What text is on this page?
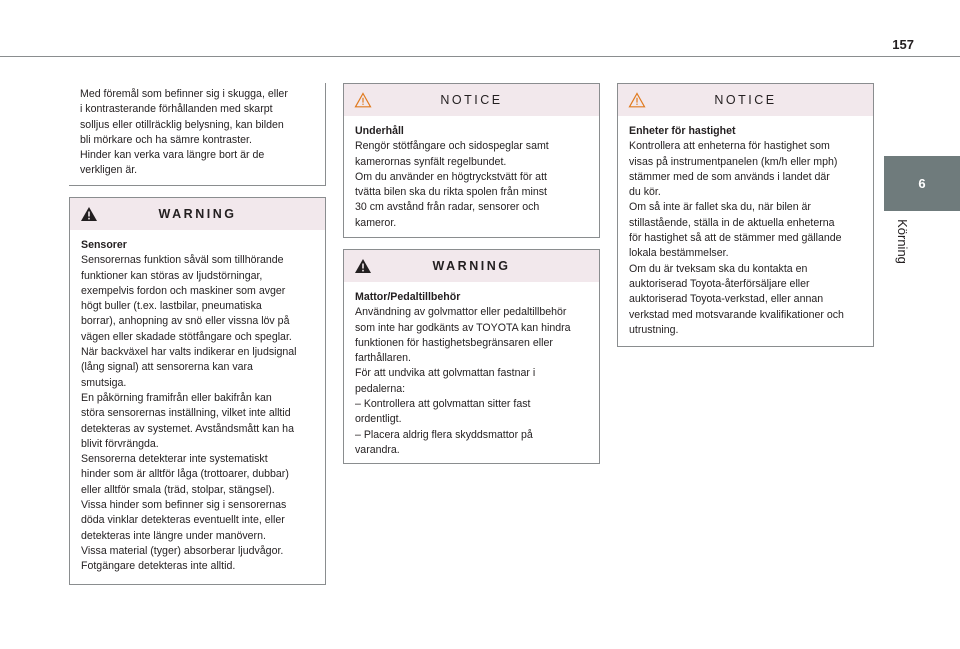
157
6
Körning

Med föremål som befinner sig i skugga, eller

i kontrasterande förhållanden med skarpt

solljus eller otillräcklig belysning, kan bilden

bli mörkare och ha sämre kontraster.

Hinder kan verka vara längre bort är de

verkligen är.

WARNING

Sensorer

Sensorernas funktion såväl som tillhörande

funktioner kan störas av ljudstörningar,

exempelvis fordon och maskiner som avger

högt buller (t.ex. lastbilar, pneumatiska

borrar), anhopning av snö eller vissna löv på

vägen eller skadade stötfångare och speglar.

När backväxel har valts indikerar en ljudsignal

(lång signal) att sensorerna kan vara

smutsiga.

En påkörning framifrån eller bakifrån kan

störa sensorernas inställning, vilket inte alltid

detekteras av systemet. Avståndsmått kan ha

blivit förvrängda.

Sensorerna detekterar inte systematiskt

hinder som är alltför låga (trottoarer, dubbar)

eller alltför smala (träd, stolpar, stängsel).

Vissa hinder som befinner sig i sensorernas

döda vinklar detekteras eventuellt inte, eller

detekteras inte längre under manövern.

Vissa material (tyger) absorberar ljudvågor.

Fotgängare detekteras inte alltid.

NOTICE

Underhåll

Rengör stötfångare och sidospeglar samt

kamerornas synfält regelbundet.

Om du använder en högtryckstvätt för att

tvätta bilen ska du rikta spolen från minst

30 cm avstånd från radar, sensorer och

kameror.

WARNING

Mattor/Pedaltillbehör

Användning av golvmattor eller pedaltillbehör

som inte har godkänts av TOYOTA kan hindra

funktionen för hastighetsbegränsaren eller

farthållaren.

För att undvika att golvmattan fastnar i

pedalerna:

– Kontrollera att golvmattan sitter fast

ordentligt.

– Placera aldrig flera skyddsmattor på

varandra.

NOTICE

Enheter för hastighet

Kontrollera att enheterna för hastighet som

visas på instrumentpanelen (km/h eller mph)

stämmer med de som används i landet där

du kör.

Om så inte är fallet ska du, när bilen är

stillastående, ställa in de aktuella enheterna

för hastighet så att de stämmer med gällande

lokala bestämmelser.

Om du är tveksam ska du kontakta en

auktoriserad Toyota-återförsäljare eller

auktoriserad Toyota-verkstad, eller annan

verkstad med motsvarande kvalifikationer och

utrustning.
